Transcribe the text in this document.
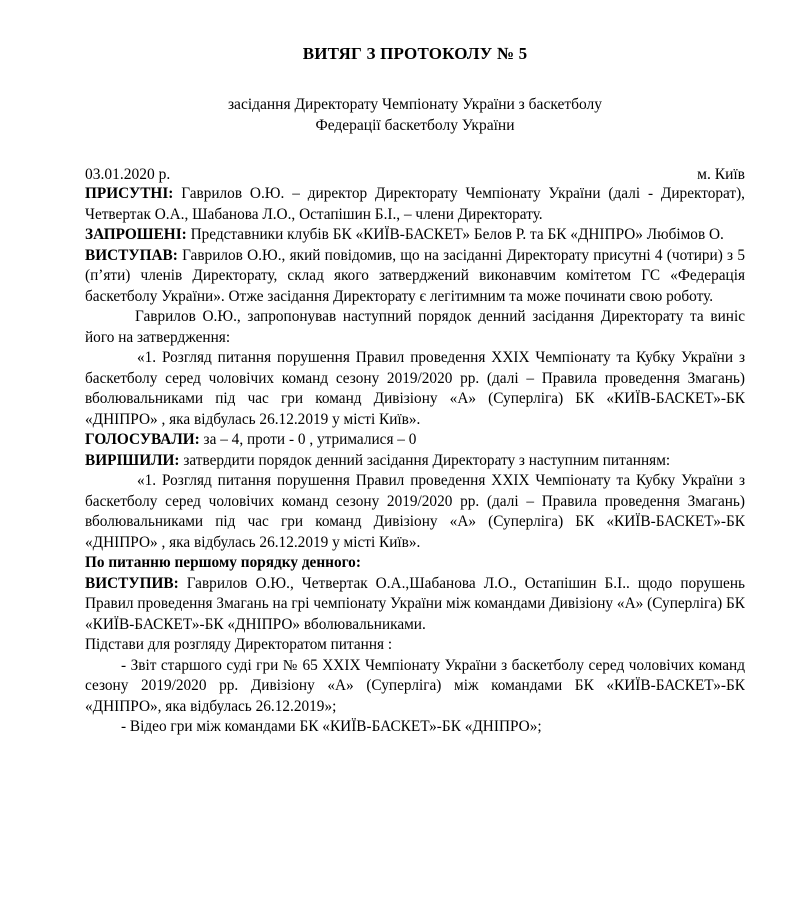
ВИТЯГ З ПРОТОКОЛУ № 5
засідання Директорату Чемпіонату України з баскетболу
Федерації баскетболу України
03.01.2020 р.	м. Київ

ПРИСУТНІ: Гаврилов О.Ю. – директор Директорату Чемпіонату України (далі - Директорат), Четвертак О.А., Шабанова Л.О., Остапішин Б.І., – члени Директорату.

ЗАПРОШЕНІ: Представники клубів БК «КИЇВ-БАСКЕТ» Белов Р. та БК «ДНІПРО» Любімов О.

ВИСТУПАВ: Гаврилов О.Ю., який повідомив, що на засіданні Директорату присутні 4 (чотири) з 5 (п’яти) членів Директорату, склад якого затверджений виконавчим комітетом ГС «Федерація баскетболу України». Отже засідання Директорату є легітимним та може починати свою роботу.

Гаврилов О.Ю., запропонував наступний порядок денний засідання Директорату та виніс його на затвердження:

«1. Розгляд питання порушення Правил проведення XXIX Чемпіонату та Кубку України з баскетболу серед чоловічих команд сезону 2019/2020 рр. (далі – Правила проведення Змагань) вболювальниками під час гри команд Дивізіону «А» (Суперліга) БК «КИЇВ-БАСКЕТ»-БК «ДНІПРО» , яка відбулась 26.12.2019 у місті Київ».

ГОЛОСУВАЛИ: за – 4, проти - 0 , утрималися – 0

ВИРІШИЛИ: затвердити порядок денний засідання Директорату з наступним питанням:

«1. Розгляд питання порушення Правил проведення XXIX Чемпіонату та Кубку України з баскетболу серед чоловічих команд сезону 2019/2020 рр. (далі – Правила проведення Змагань) вболювальниками під час гри команд Дивізіону «А» (Суперліга) БК «КИЇВ-БАСКЕТ»-БК «ДНІПРО» , яка відбулась 26.12.2019 у місті Київ».

По питанню першому порядку денного:

ВИСТУПИВ: Гаврилов О.Ю., Четвертак О.А.,Шабанова Л.О., Остапішин Б.І.. щодо порушень Правил проведення Змагань на грі чемпіонату України між командами Дивізіону «А» (Суперліга) БК «КИЇВ-БАСКЕТ»-БК «ДНІПРО» вболювальниками.

Підстави для розгляду Директоратом питання :

- Звіт старшого суді гри № 65 XXIX Чемпіонату України з баскетболу серед чоловічих команд сезону 2019/2020 рр. Дивізіону «А» (Суперліга) між командами БК «КИЇВ-БАСКЕТ»-БК «ДНІПРО», яка відбулась 26.12.2019»;

- Відео гри між командами БК «КИЇВ-БАСКЕТ»-БК «ДНІПРО»;
